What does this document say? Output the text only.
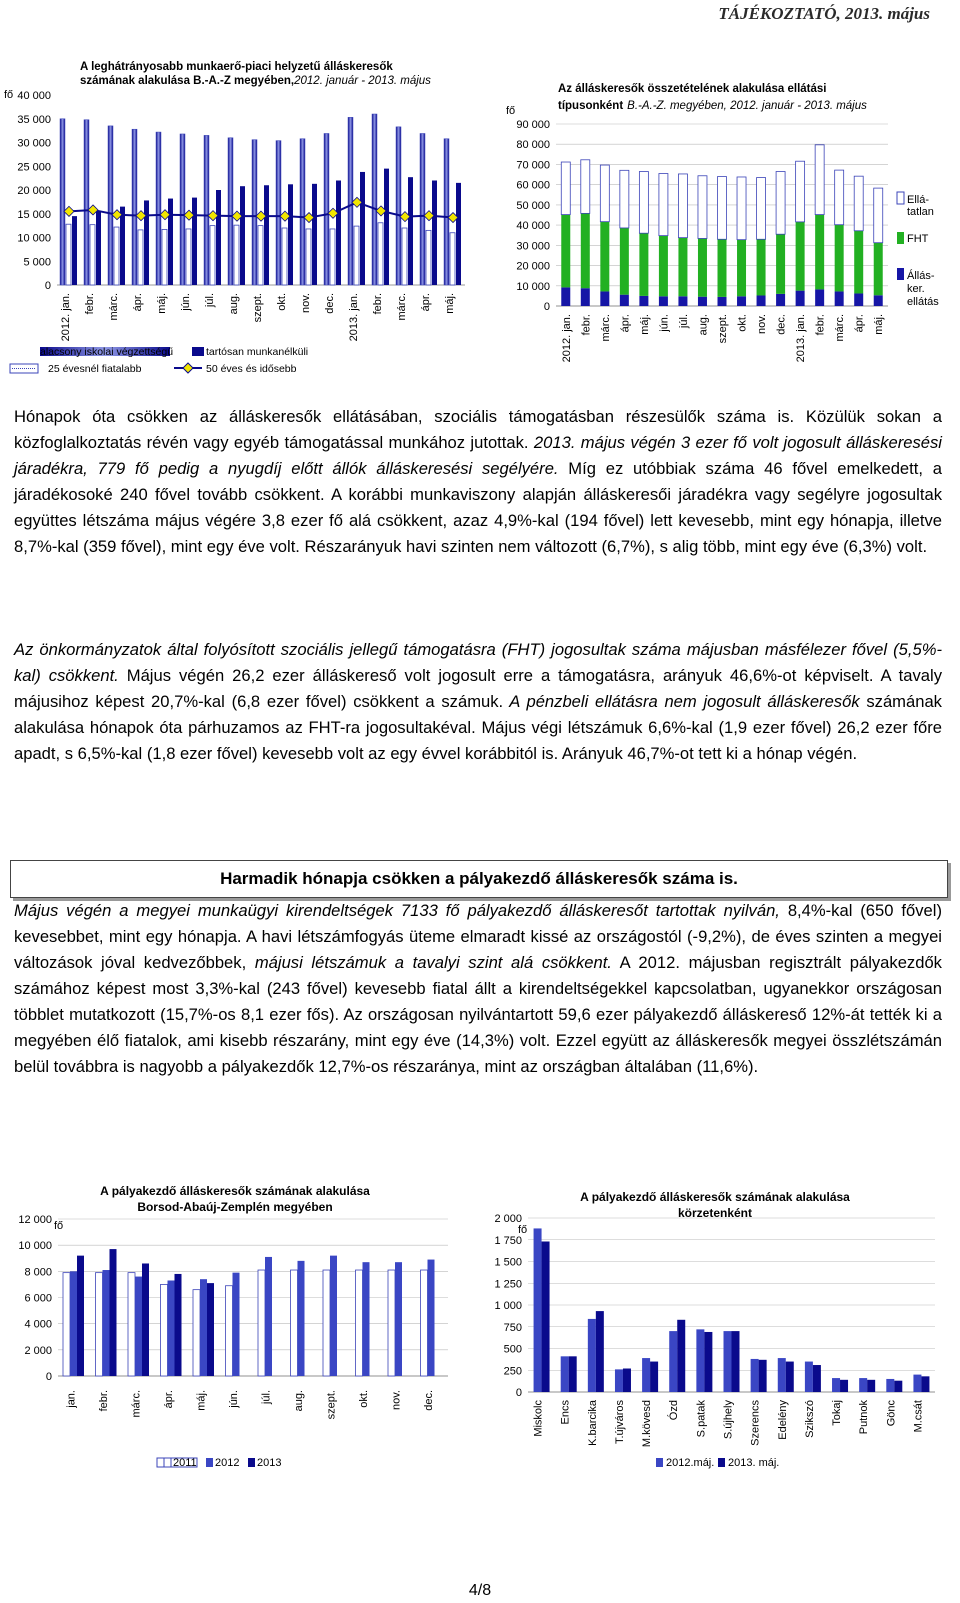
TÁJÉKOZTATÓ, 2013. május
A leghátrányosabb munkaerő-piaci helyzetű álláskeresők
számának alakulása B.-A.-Z megyében,2012. január - 2013. május
fő
0
5 000
10 000
15 000
20 000
25 000
30 000
35 000
40 000
2012. jan. febr. márc. ápr. máj. jún. júl. aug. szept. okt. nov. dec. 2013. jan. febr. márc. ápr. máj.
alacsony iskolai végzettségű	tartósan munkanélküli
25 évesnél fiatalabb	50 éves és idősebb
fő
Az álláskeresők összetételének alakulása ellátási
típusonként B.-A.-Z. megyében, 2012. január - 2013. május
0
10 000
20 000
30 000
40 000
50 000
60 000
70 000
80 000
90 000
2012. jan. febr. márc. ápr. máj. jún. júl. aug. szept. okt. nov. dec. 2013. jan. febr. márc. ápr. máj.
Ellá-
tatlan
FHT
Állás-
ker.
ellátás

Hónapok óta csökken az álláskeresők ellátásában, szociális támogatásban részesülők száma is. Közülük sokan a közfoglalkoztatás révén vagy egyéb támogatással munkához jutottak. 2013. május végén 3 ezer fő volt jogosult álláskeresési járadékra, 779 fő pedig a nyugdíj előtt állók álláskeresési segélyére. Míg ez utóbbiak száma 46 fővel emelkedett, a járadékosoké 240 fővel tovább csökkent. A korábbi munkaviszony alapján álláskeresői járadékra vagy segélyre jogosultak együttes létszáma május végére 3,8 ezer fő alá csökkent, azaz 4,9%-kal (194 fővel) lett kevesebb, mint egy hónapja, illetve 8,7%-kal (359 fővel), mint egy éve volt. Részarányuk havi szinten nem változott (6,7%), s alig több, mint egy éve (6,3%) volt.

Az önkormányzatok által folyósított szociális jellegű támogatásra (FHT) jogosultak száma májusban másfélezer fővel (5,5%-kal) csökkent. Május végén 26,2 ezer álláskereső volt jogosult erre a támogatásra, arányuk 46,6%-ot képviselt. A tavaly májusihoz képest 20,7%-kal (6,8 ezer fővel) csökkent a számuk. A pénzbeli ellátásra nem jogosult álláskeresők számának alakulása hónapok óta párhuzamos az FHT-ra jogosultakéval. Május végi létszámuk 6,6%-kal (1,9 ezer fővel) 26,2 ezer főre apadt, s 6,5%-kal (1,8 ezer fővel) kevesebb volt az egy évvel korábbitól is. Arányuk 46,7%-ot tett ki a hónap végén.

Harmadik hónapja csökken a pályakezdő álláskeresők száma is.

Május végén a megyei munkaügyi kirendeltségek 7133 fő pályakezdő álláskeresőt tartottak nyilván, 8,4%-kal (650 fővel) kevesebbet, mint egy hónapja. A havi létszámfogyás üteme elmaradt kissé az országostól (-9,2%), de éves szinten a megyei változások jóval kedvezőbbek, májusi létszámuk a tavalyi szint alá csökkent. A 2012. májusban regisztrált pályakezdők számához képest most 3,3%-kal (243 fővel) kevesebb fiatal állt a kirendeltségekkel kapcsolatban, ugyanekkor országosan többlet mutatkozott (15,7%-os 8,1 ezer fős). Az országosan nyilvántartott 59,6 ezer pályakezdő álláskereső 12%-át tették ki a megyében élő fiatalok, ami kisebb részarány, mint egy éve (14,3%) volt. Ezzel együtt az álláskeresők megyei összlétszámán belül továbbra is nagyobb a pályakezdők 12,7%-os részaránya, mint az országban általában (11,6%).

A pályakezdő álláskeresők számának alakulása
Borsod-Abaúj-Zemplén megyében
fő
0
2 000
4 000
6 000
8 000
10 000
12 000
jan. febr. márc. ápr. máj. jún. júl. aug. szept. okt. nov. dec.
2011 2012 2013
A pályakezdő álláskeresők számának alakulása
körzetenként
fő
0
250
500
750
1 000
1 250
1 500
1 750
2 000
Miskolc Encs K.barcika T.újváros M.kövesd Ózd S.patak S.újhely Szerencs Edelény Szikszó Tokaj Putnok Gönc M.csát
2012.máj. 2013. máj.
4/8
